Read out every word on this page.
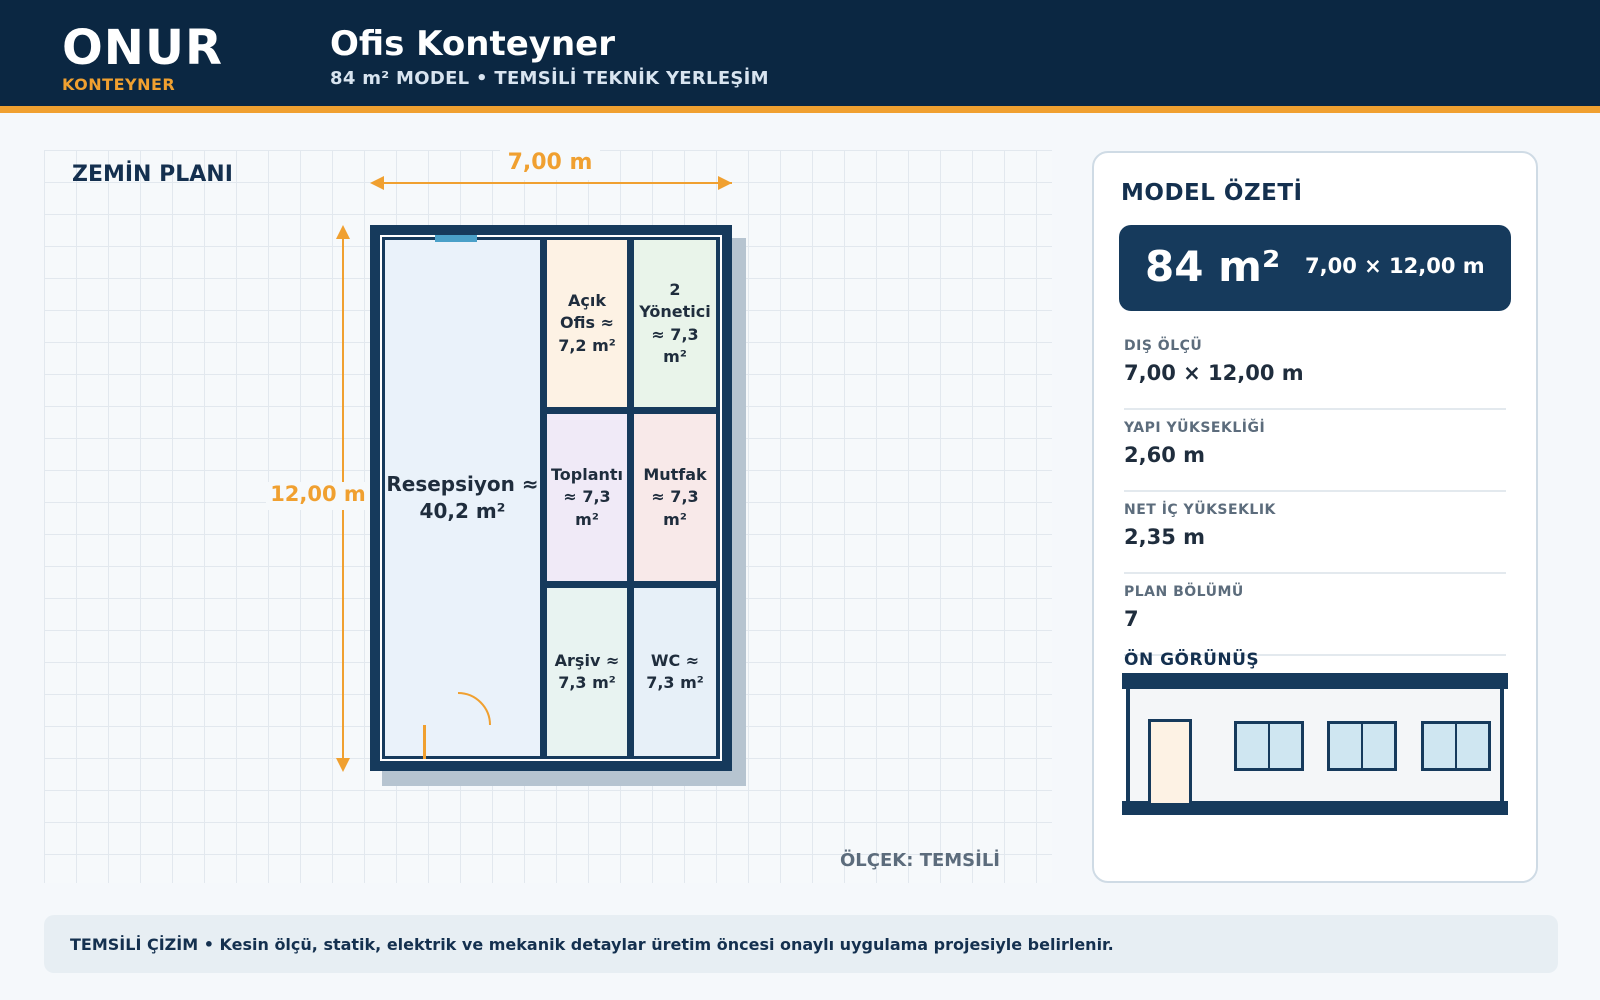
ONUR
KONTEYNER
Ofis Konteyner
84 m² MODEL • TEMSİLİ TEKNİK YERLEŞİM
ZEMİN PLANI	7,00 m
12,00 m Resepsiyon ≈
40,2 m²
Açık
Ofis ≈
7,2 m²
2
Yönetici
≈ 7,3
m²
Toplantı
≈ 7,3
m²
Mutfak
≈ 7,3
m²
Arşiv ≈
7,3 m²
WC ≈
7,3 m²
ÖLÇEK: TEMSİLİ
MODEL ÖZETİ
84 m² 7,00 × 12,00 m
DIŞ ÖLÇÜ
7,00 × 12,00 m
YAPI YÜKSEKLİĞİ
2,60 m
NET İÇ YÜKSEKLIK
2,35 m
PLAN BÖLÜMÜ
7
ÖN GÖRÜNÜŞ
TEMSİLİ ÇİZİM • Kesin ölçü, statik, elektrik ve mekanik detaylar üretim öncesi onaylı uygulama projesiyle belirlenir.
